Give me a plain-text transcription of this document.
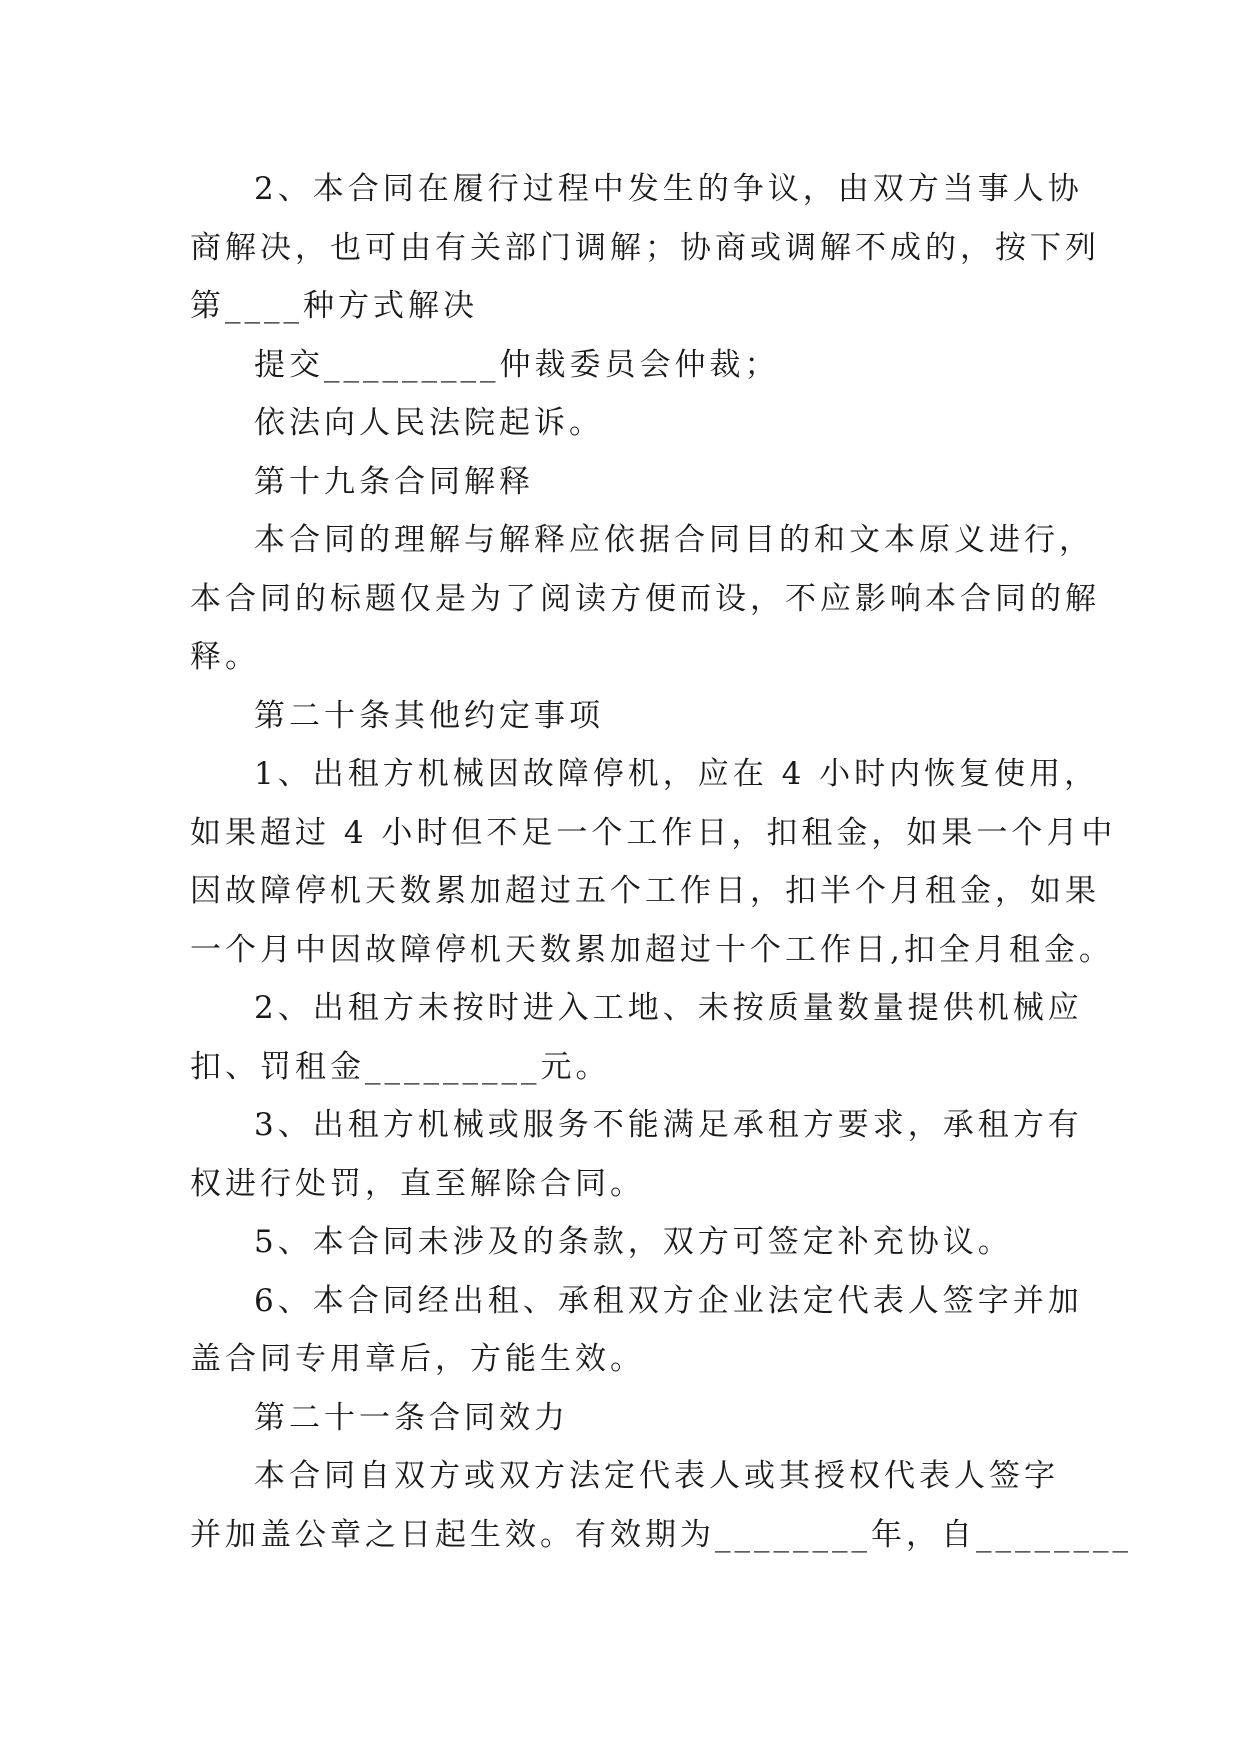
2、本合同在履行过程中发生的争议，由双方当事人协
商解决，也可由有关部门调解；协商或调解不成的，按下列
第____种方式解决
提交_________仲裁委员会仲裁；
依法向人民法院起诉。
第十九条合同解释
本合同的理解与解释应依据合同目的和文本原义进行，
本合同的标题仅是为了阅读方便而设，不应影响本合同的解
释。
第二十条其他约定事项
1、出租方机械因故障停机，应在 4 小时内恢复使用，
如果超过 4 小时但不足一个工作日，扣租金，如果一个月中
因故障停机天数累加超过五个工作日，扣半个月租金，如果
一个月中因故障停机天数累加超过十个工作日,扣全月租金。
2、出租方未按时进入工地、未按质量数量提供机械应
扣、罚租金_________元。
3、出租方机械或服务不能满足承租方要求，承租方有
权进行处罚，直至解除合同。
5、本合同未涉及的条款，双方可签定补充协议。
6、本合同经出租、承租双方企业法定代表人签字并加
盖合同专用章后，方能生效。
第二十一条合同效力
本合同自双方或双方法定代表人或其授权代表人签字
并加盖公章之日起生效。有效期为________年，自________
